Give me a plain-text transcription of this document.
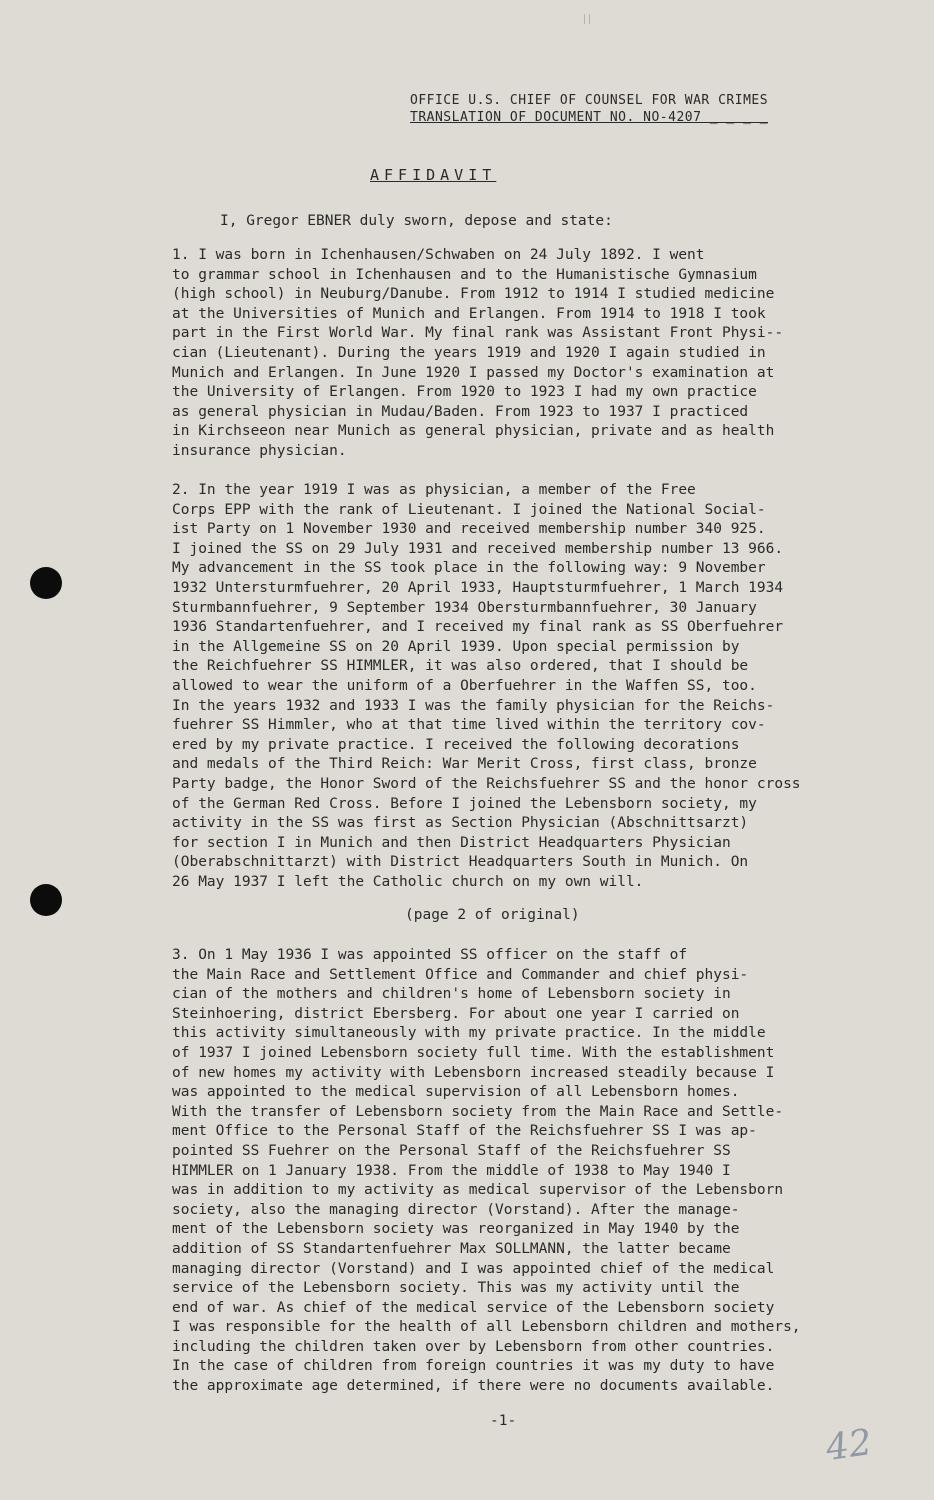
OFFICE U.S. CHIEF OF COUNSEL FOR WAR CRIMES
TRANSLATION OF DOCUMENT NO. NO-4207 _ _ _ _
AFFIDAVIT
I, Gregor EBNER duly sworn, depose and state:
1. I was born in Ichenhausen/Schwaben on 24 July 1892. I went
to grammar school in Ichenhausen and to the Humanistische Gymnasium
(high school) in Neuburg/Danube. From 1912 to 1914 I studied medicine
at the Universities of Munich and Erlangen. From 1914 to 1918 I took
part in the First World War. My final rank was Assistant Front Physi--
cian (Lieutenant). During the years 1919 and 1920 I again studied in
Munich and Erlangen. In June 1920 I passed my Doctor's examination at
the University of Erlangen. From 1920 to 1923 I had my own practice
as general physician in Mudau/Baden. From 1923 to 1937 I practiced
in Kirchseeon near Munich as general physician, private and as health
insurance physician.
2. In the year 1919 I was as physician, a member of the Free
Corps EPP with the rank of Lieutenant. I joined the National Social-
ist Party on 1 November 1930 and received membership number 340 925.
I joined the SS on 29 July 1931 and received membership number 13 966.
My advancement in the SS took place in the following way: 9 November
1932 Untersturmfuehrer, 20 April 1933, Hauptsturmfuehrer, 1 March 1934
Sturmbannfuehrer, 9 September 1934 Obersturmbannfuehrer, 30 January
1936 Standartenfuehrer, and I received my final rank as SS Oberfuehrer
in the Allgemeine SS on 20 April 1939. Upon special permission by
the Reichfuehrer SS HIMMLER, it was also ordered, that I should be
allowed to wear the uniform of a Oberfuehrer in the Waffen SS, too.
In the years 1932 and 1933 I was the family physician for the Reichs-
fuehrer SS Himmler, who at that time lived within the territory cov-
ered by my private practice. I received the following decorations
and medals of the Third Reich: War Merit Cross, first class, bronze
Party badge, the Honor Sword of the Reichsfuehrer SS and the honor cross
of the German Red Cross. Before I joined the Lebensborn society, my
activity in the SS was first as Section Physician (Abschnittsarzt)
for section I in Munich and then District Headquarters Physician
(Oberabschnittarzt) with District Headquarters South in Munich. On
26 May 1937 I left the Catholic church on my own will.
(page 2 of original)
3. On 1 May 1936 I was appointed SS officer on the staff of
the Main Race and Settlement Office and Commander and chief physi-
cian of the mothers and children's home of Lebensborn society in
Steinhoering, district Ebersberg. For about one year I carried on
this activity simultaneously with my private practice. In the middle
of 1937 I joined Lebensborn society full time. With the establishment
of new homes my activity with Lebensborn increased steadily because I
was appointed to the medical supervision of all Lebensborn homes.
With the transfer of Lebensborn society from the Main Race and Settle-
ment Office to the Personal Staff of the Reichsfuehrer SS I was ap-
pointed SS Fuehrer on the Personal Staff of the Reichsfuehrer SS
HIMMLER on 1 January 1938. From the middle of 1938 to May 1940 I
was in addition to my activity as medical supervisor of the Lebensborn
society, also the managing director (Vorstand). After the manage-
ment of the Lebensborn society was reorganized in May 1940 by the
addition of SS Standartenfuehrer Max SOLLMANN, the latter became
managing director (Vorstand) and I was appointed chief of the medical
service of the Lebensborn society. This was my activity until the
end of war. As chief of the medical service of the Lebensborn society
I was responsible for the health of all Lebensborn children and mothers,
including the children taken over by Lebensborn from other countries.
In the case of children from foreign countries it was my duty to have
the approximate age determined, if there were no documents available.
-1-
42
